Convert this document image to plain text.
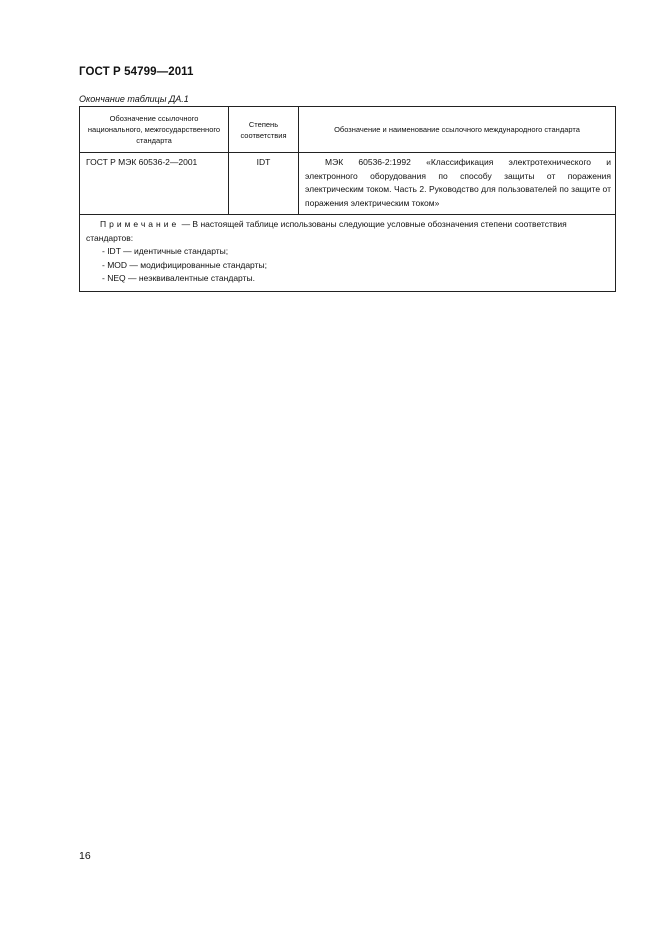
ГОСТ Р 54799—2011
Окончание таблицы ДА.1
Обозначение ссылочного национального, межгосударственного стандарта	Степень соответствия	Обозначение и наименование ссылочного международного стандарта

ГОСТ Р МЭК 60536-2—2001	IDT	МЭК 60536-2:1992 «Классификация электротехнического и электронного оборудования по способу защиты от поражения электрическим током. Часть 2. Руководство для пользователей по защите от поражения электрическим током»

Примечание — В настоящей таблице использованы следующие условные обозначения степени соответствия стандартов:
- IDT — идентичные стандарты;
- MOD — модифицированные стандарты;
- NEQ — неэквивалентные стандарты.		
16
